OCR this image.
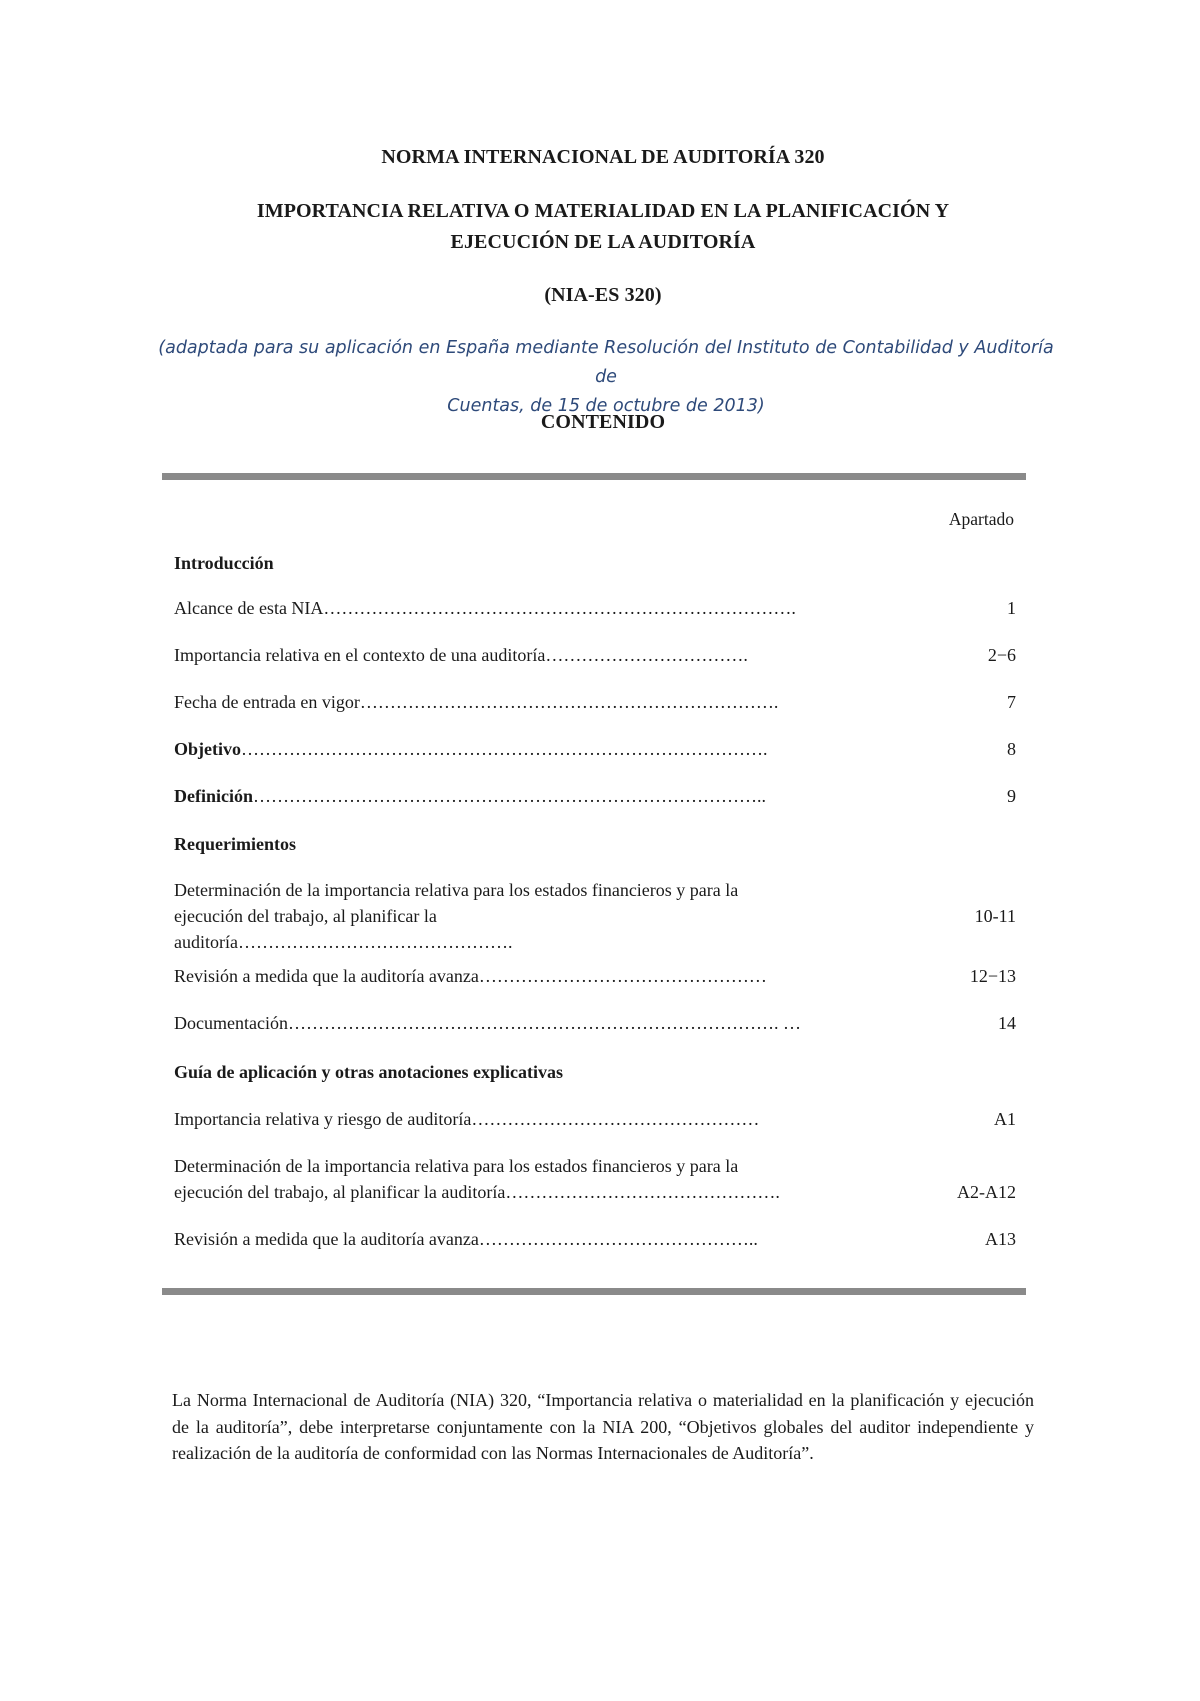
NORMA INTERNACIONAL DE AUDITORÍA 320
IMPORTANCIA RELATIVA O MATERIALIDAD EN LA PLANIFICACIÓN Y
EJECUCIÓN DE LA AUDITORÍA
(NIA-ES 320)
(adaptada para su aplicación en España mediante Resolución del Instituto de Contabilidad y Auditoría de
Cuentas, de 15 de octubre de 2013)
CONTENIDO
Apartado
Introducción
Alcance de esta NIA…………………………………………………………………….	1
Importancia relativa en el contexto de una auditoría…………………………….	2−6
Fecha de entrada en vigor…………………………………………………………….	7
Objetivo…………………………………………………………………………….	8
Definición…………………………………………………………………………..	9
Requerimientos
Determinación de la importancia relativa para los estados financieros y para la
ejecución del trabajo, al planificar la
auditoría……………………………………….
10-11
Revisión a medida que la auditoría avanza…………………………………………	12−13
Documentación………………………………………………………………………. …	14
Guía de aplicación y otras anotaciones explicativas
Importancia relativa y riesgo de auditoría…………………………………………	A1
Determinación de la importancia relativa para los estados financieros y para la
ejecución del trabajo, al planificar la auditoría……………………………………….	A2-A12
Revisión a medida que la auditoría avanza………………………………………..	A13

La Norma Internacional de Auditoría (NIA) 320, “Importancia relativa o materialidad en la planificación y ejecución de la auditoría”, debe interpretarse conjuntamente con la NIA 200, “Objetivos globales del auditor independiente y realización de la auditoría de conformidad con las Normas Internacionales de Auditoría”.
